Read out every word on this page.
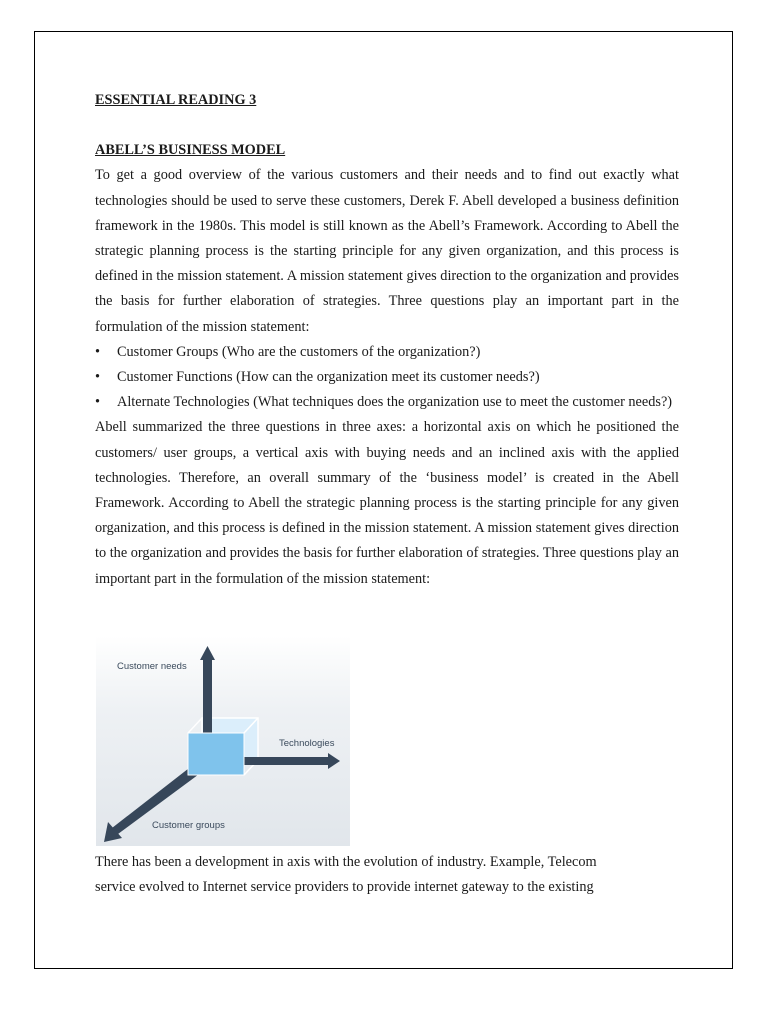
ESSENTIAL READING 3

ABELL’S BUSINESS MODEL

To get a good overview of the various customers and their needs and to find out exactly what technologies should be used to serve these customers, Derek F. Abell developed a business definition framework in the 1980s. This model is still known as the Abell’s Framework. According to Abell the strategic planning process is the starting principle for any given organization, and this process is defined in the mission statement. A mission statement gives direction to the organization and provides the basis for further elaboration of strategies. Three questions play an important part in the formulation of the mission statement:

• Customer Groups (Who are the customers of the organization?)
• Customer Functions (How can the organization meet its customer needs?)
• Alternate Technologies (What techniques does the organization use to meet the customer needs?)

Abell summarized the three questions in three axes: a horizontal axis on which he positioned the customers/ user groups, a vertical axis with buying needs and an inclined axis with the applied technologies. Therefore, an overall summary of the ‘business model’ is created in the Abell Framework. According to Abell the strategic planning process is the starting principle for any given organization, and this process is defined in the mission statement. A mission statement gives direction to the organization and provides the basis for further elaboration of strategies. Three questions play an important part in the formulation of the mission statement:

Customer needs
Technologies
Customer groups

There has been a development in axis with the evolution of industry. Example, Telecom

service evolved to Internet service providers to provide internet gateway to the existing
